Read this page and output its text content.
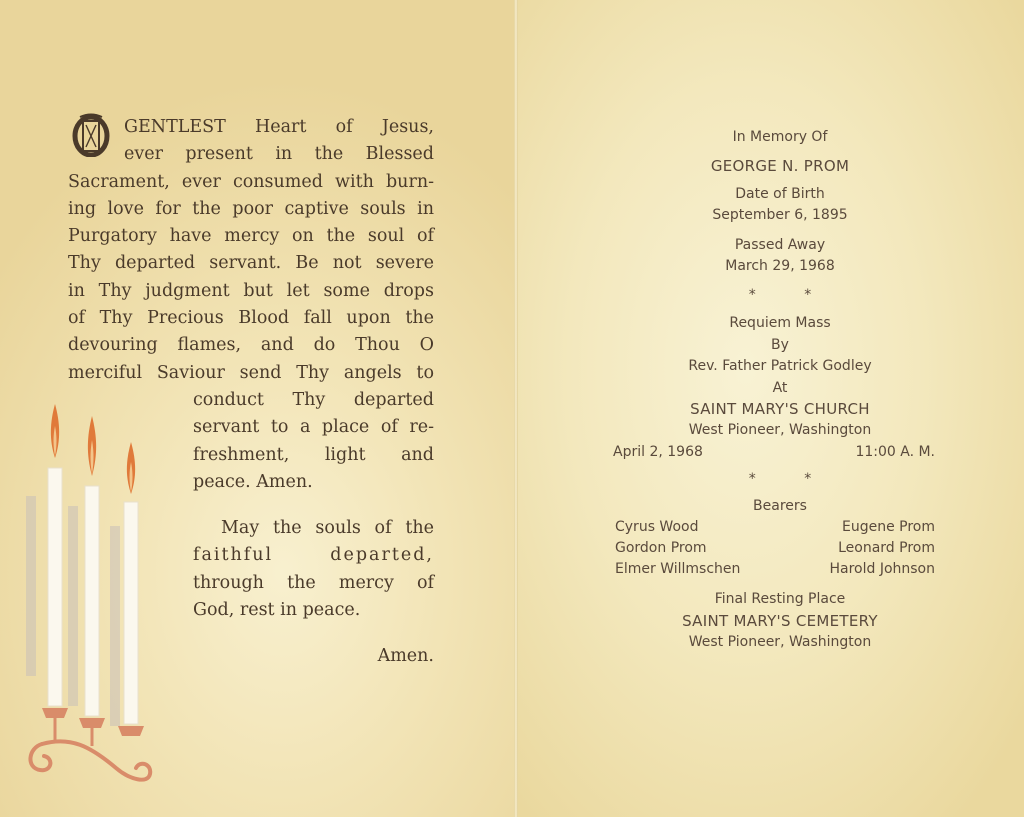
GENTLEST Heart of Jesus,
ever present in the Blessed
Sacrament, ever consumed with burn-
ing love for the poor captive souls in
Purgatory have mercy on the soul of
Thy departed servant. Be not severe
in Thy judgment but let some drops
of Thy Precious Blood fall upon the
devouring flames, and do Thou O
merciful Saviour send Thy angels to
conduct Thy departed
servant to a place of re-
freshment, light and
peace. Amen.
May the souls of the
faithful departed,
through the mercy of
God, rest in peace.
Amen.
In Memory Of
GEORGE N. PROM
Date of Birth
September 6, 1895
Passed Away
March 29, 1968
* *
Requiem Mass
By
Rev. Father Patrick Godley
At
SAINT MARY'S CHURCH
West Pioneer, Washington
April 2, 1968	11:00 A. M.
* *
Bearers
Cyrus Wood	Eugene Prom
Gordon Prom	Leonard Prom
Elmer Willmschen	Harold Johnson
Final Resting Place
SAINT MARY'S CEMETERY
West Pioneer, Washington
